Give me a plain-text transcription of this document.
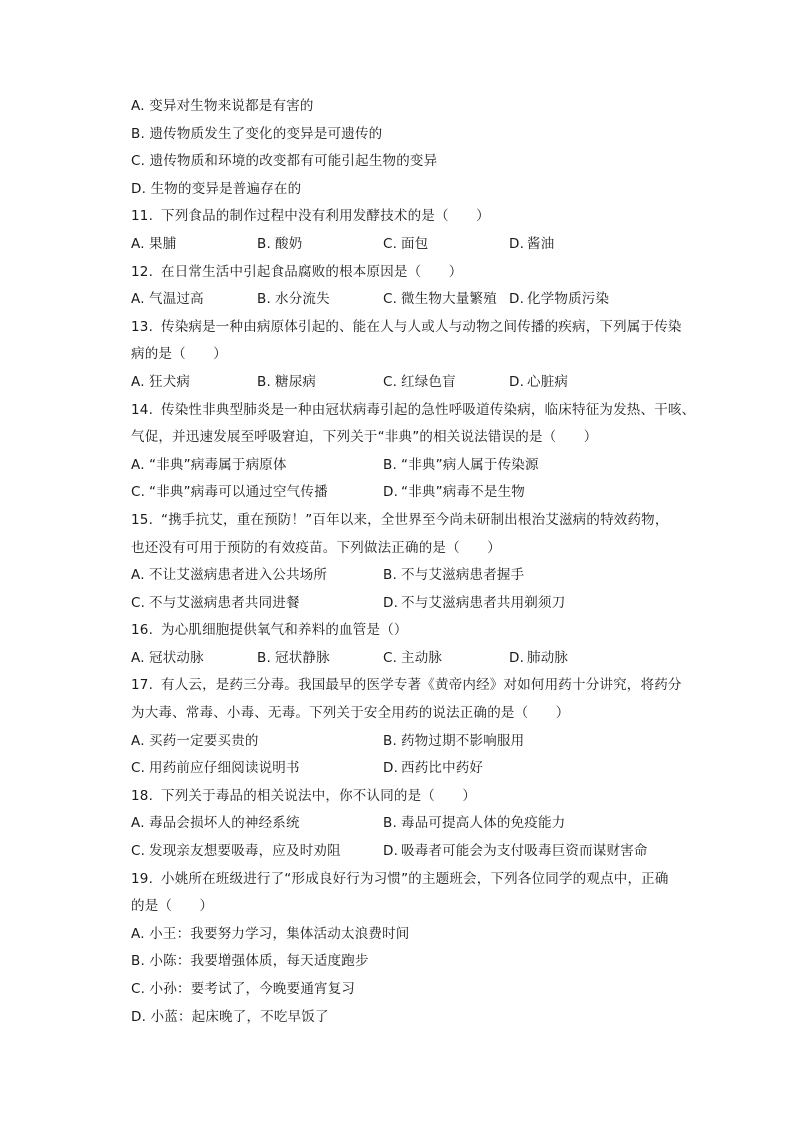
A. 变异对生物来说都是有害的
B. 遗传物质发生了变化的变异是可遗传的
C. 遗传物质和环境的改变都有可能引起生物的变异
D. 生物的变异是普遍存在的
11. 下列食品的制作过程中没有利用发酵技术的是（　　）
A. 果脯	B. 酸奶	C. 面包	D. 酱油
12. 在日常生活中引起食品腐败的根本原因是（　　）
A. 气温过高	B. 水分流失	C. 微生物大量繁殖 D. 化学物质污染
13. 传染病是一种由病原体引起的、能在人与人或人与动物之间传播的疾病，下列属于传染
病的是（　　）
A. 狂犬病	B. 糖尿病	C. 红绿色盲	D. 心脏病
14. 传染性非典型肺炎是一种由冠状病毒引起的急性呼吸道传染病，临床特征为发热、干咳、
气促，并迅速发展至呼吸窘迫，下列关于“非典”的相关说法错误的是（　　）
A. “非典”病毒属于病原体	B. “非典”病人属于传染源
C. “非典”病毒可以通过空气传播	D. “非典”病毒不是生物
15. “携手抗艾，重在预防！”百年以来，全世界至今尚未研制出根治艾滋病的特效药物，
也还没有可用于预防的有效疫苗。下列做法正确的是（　　）
A. 不让艾滋病患者进入公共场所	B. 不与艾滋病患者握手
C. 不与艾滋病患者共同进餐	D. 不与艾滋病患者共用剃须刀
16. 为心肌细胞提供氧气和养料的血管是（）
A. 冠状动脉	B. 冠状静脉	C. 主动脉	D. 肺动脉
17. 有人云，是药三分毒。我国最早的医学专著《黄帝内经》对如何用药十分讲究，将药分
为大毒、常毒、小毒、无毒。下列关于安全用药的说法正确的是（　　）
A. 买药一定要买贵的	B. 药物过期不影响服用
C. 用药前应仔细阅读说明书	D. 西药比中药好
18. 下列关于毒品的相关说法中，你不认同的是（　　）
A. 毒品会损坏人的神经系统	B. 毒品可提高人体的免疫能力
C. 发现亲友想要吸毒，应及时劝阻	D. 吸毒者可能会为支付吸毒巨资而谋财害命
19. 小姚所在班级进行了“形成良好行为习惯”的主题班会，下列各位同学的观点中，正确
的是（　　）
A. 小王：我要努力学习，集体活动太浪费时间
B. 小陈：我要增强体质，每天适度跑步
C. 小孙：要考试了，今晚要通宵复习
D. 小蓝：起床晚了，不吃早饭了
